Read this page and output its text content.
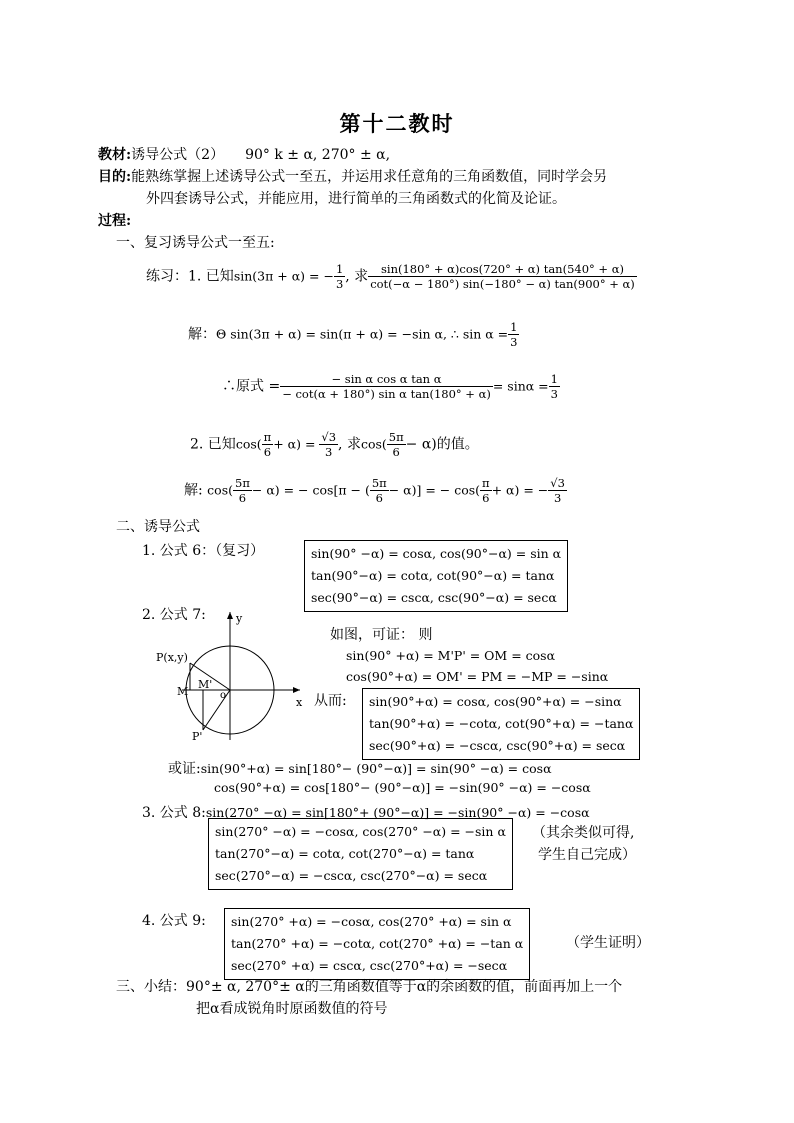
第十二教时
教材:诱导公式（2）　　90° k ± α, 270° ± α,
目的:能熟练掌握上述诱导公式一至五，并运用求任意角的三角函数值，同时学会另
外四套诱导公式，并能应用，进行简单的三角函数式的化简及论证。
过程:
一、复习诱导公式一至五:
练习：1. 已知sin(3π + α) = − $\frac{1}{3}$ , 求 $\frac{\sin(180^\circ + \alpha)\cos(720^\circ + \alpha) \tan(540^\circ + \alpha)}{\cot(-\alpha - 180^\circ) \sin(-180^\circ - \alpha) \tan(900^\circ + \alpha)}$
解：Θ sin(3π + α) = sin(π + α) = −sin α, ∴ $\sin \alpha = \frac{1}{3}$
∴原式 = $\frac{\text{− sin α cos α tan α}}{\text{− cot(α + 180°) sin α tan(180° + α)}} = \sin\alpha = \frac{1}{3}$
2. 已知$\cos( \frac{\pi}{6} + \alpha) = \frac{√3}{3}$ , 求$\cos( \frac{5\pi}{6} - \alpha)$的值。
解: $\cos( \frac{5\pi}{6} - \alpha)$ = − cos[π − ( $\frac{5\pi}{6} - \alpha$)] = − $\cos( \frac{\pi}{6} + \alpha)$ = − $\frac{√3}{3}$
二、诱导公式
1. 公式 6：（复习）	sin(90° −α) = cosα, cos(90°−α) = sin α
tan(90°−α) = cotα, cot(90°−α) = tanα
sec(90°−α) = cscα, csc(90°−α) = secα
2. 公式 7:	y
x
P(x,y)
M
M'
o
P'
如图，可证： 则
sin(90° +α) = M'P' = OM = cosα
cos(90°+α) = OM' = PM = −MP = −sinα
从而: sin(90°+α) = cosα, cos(90°+α) = −sinα
tan(90°+α) = −cotα, cot(90°+α) = −tanα
sec(90°+α) = −cscα, csc(90°+α) = secα
或证:sin(90°+α) = sin[180°− (90°−α)] = sin(90° −α) = cosα
cos(90°+α) = cos[180°− (90°−α)] = −sin(90° −α) = −cosα
3. 公式 8:sin(270° −α) = sin[180°+ (90°−α)] = −sin(90° −α) = −cosα
sin(270° −α) = −cosα, cos(270° −α) = −sin α
tan(270°−α) = cotα, cot(270°−α) = tanα
sec(270°−α) = −cscα, csc(270°−α) = secα
（其余类似可得,
学生自己完成）
4. 公式 9: sin(270° +α) = −cosα, cos(270° +α) = sin α
tan(270° +α) = −cotα, cot(270° +α) = −tan α
sec(270° +α) = cscα, csc(270°+α) = −secα
（学生证明）
三、小结：90°± α, 270°± α的三角函数值等于α的余函数的值，前面再加上一个
把α看成锐角时原函数值的符号
